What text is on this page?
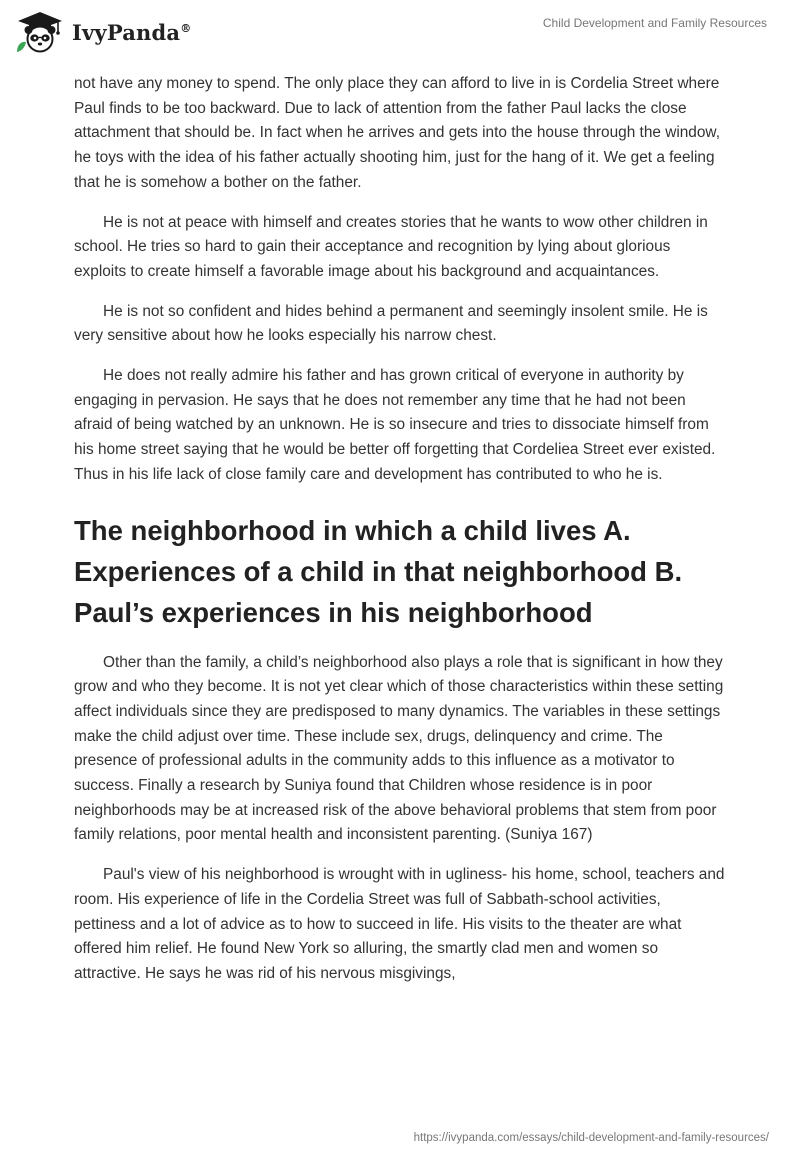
IvyPanda®	Child Development and Family Resources

not have any money to spend. The only place they can afford to live in is Cordelia Street where Paul finds to be too backward. Due to lack of attention from the father Paul lacks the close attachment that should be. In fact when he arrives and gets into the house through the window, he toys with the idea of his father actually shooting him, just for the hang of it. We get a feeling that he is somehow a bother on the father.

He is not at peace with himself and creates stories that he wants to wow other children in school. He tries so hard to gain their acceptance and recognition by lying about glorious exploits to create himself a favorable image about his background and acquaintances.

He is not so confident and hides behind a permanent and seemingly insolent smile. He is very sensitive about how he looks especially his narrow chest.

He does not really admire his father and has grown critical of everyone in authority by engaging in pervasion. He says that he does not remember any time that he had not been afraid of being watched by an unknown. He is so insecure and tries to dissociate himself from his home street saying that he would be better off forgetting that Cordeliea Street ever existed. Thus in his life lack of close family care and development has contributed to who he is.

The neighborhood in which a child lives A. Experiences of a child in that neighborhood B. Paul’s experiences in his neighborhood

Other than the family, a child’s neighborhood also plays a role that is significant in how they grow and who they become. It is not yet clear which of those characteristics within these setting affect individuals since they are predisposed to many dynamics. The variables in these settings make the child adjust over time. These include sex, drugs, delinquency and crime. The presence of professional adults in the community adds to this influence as a motivator to success. Finally a research by Suniya found that Children whose residence is in poor neighborhoods may be at increased risk of the above behavioral problems that stem from poor family relations, poor mental health and inconsistent parenting. (Suniya 167)

Paul's view of his neighborhood is wrought with in ugliness- his home, school, teachers and room. His experience of life in the Cordelia Street was full of Sabbath-school activities, pettiness and a lot of advice as to how to succeed in life. His visits to the theater are what offered him relief. He found New York so alluring, the smartly clad men and women so attractive. He says he was rid of his nervous misgivings,

https://ivypanda.com/essays/child-development-and-family-resources/
